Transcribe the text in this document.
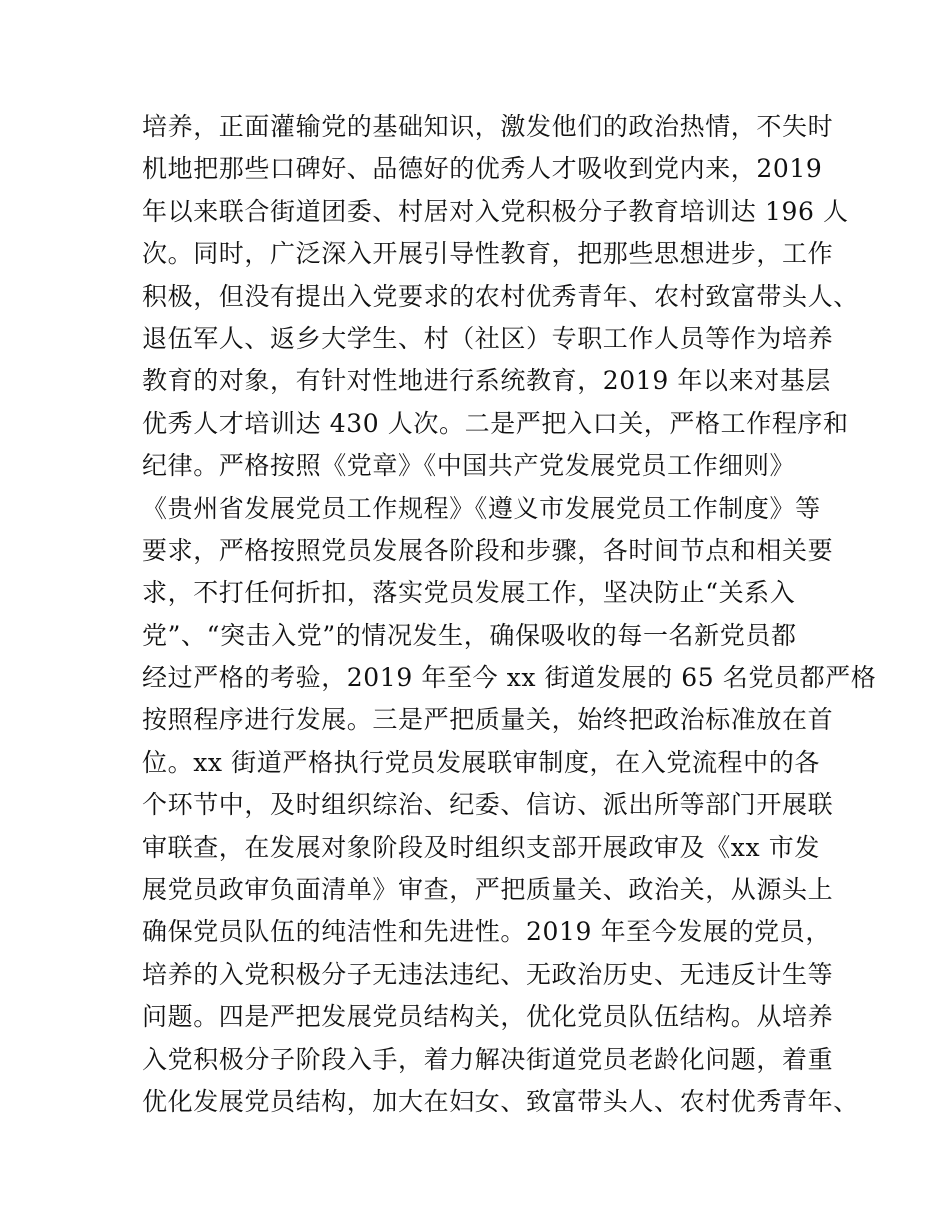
培养，正面灌输党的基础知识，激发他们的政治热情，不失时
机地把那些口碑好、品德好的优秀人才吸收到党内来，2019
年以来联合街道团委、村居对入党积极分子教育培训达 196 人
次。同时，广泛深入开展引导性教育，把那些思想进步，工作
积极，但没有提出入党要求的农村优秀青年、农村致富带头人、
退伍军人、返乡大学生、村（社区）专职工作人员等作为培养
教育的对象，有针对性地进行系统教育，2019 年以来对基层
优秀人才培训达 430 人次。二是严把入口关，严格工作程序和
纪律。严格按照《党章》《中国共产党发展党员工作细则》
《贵州省发展党员工作规程》《遵义市发展党员工作制度》等
要求，严格按照党员发展各阶段和步骤，各时间节点和相关要
求，不打任何折扣，落实党员发展工作，坚决防止“关系入
党”、“突击入党”的情况发生，确保吸收的每一名新党员都
经过严格的考验，2019 年至今 xx 街道发展的 65 名党员都严格
按照程序进行发展。三是严把质量关，始终把政治标准放在首
位。xx 街道严格执行党员发展联审制度，在入党流程中的各
个环节中，及时组织综治、纪委、信访、派出所等部门开展联
审联查，在发展对象阶段及时组织支部开展政审及《xx 市发
展党员政审负面清单》审查，严把质量关、政治关，从源头上
确保党员队伍的纯洁性和先进性。2019 年至今发展的党员，
培养的入党积极分子无违法违纪、无政治历史、无违反计生等
问题。四是严把发展党员结构关，优化党员队伍结构。从培养
入党积极分子阶段入手，着力解决街道党员老龄化问题，着重
优化发展党员结构，加大在妇女、致富带头人、农村优秀青年、
